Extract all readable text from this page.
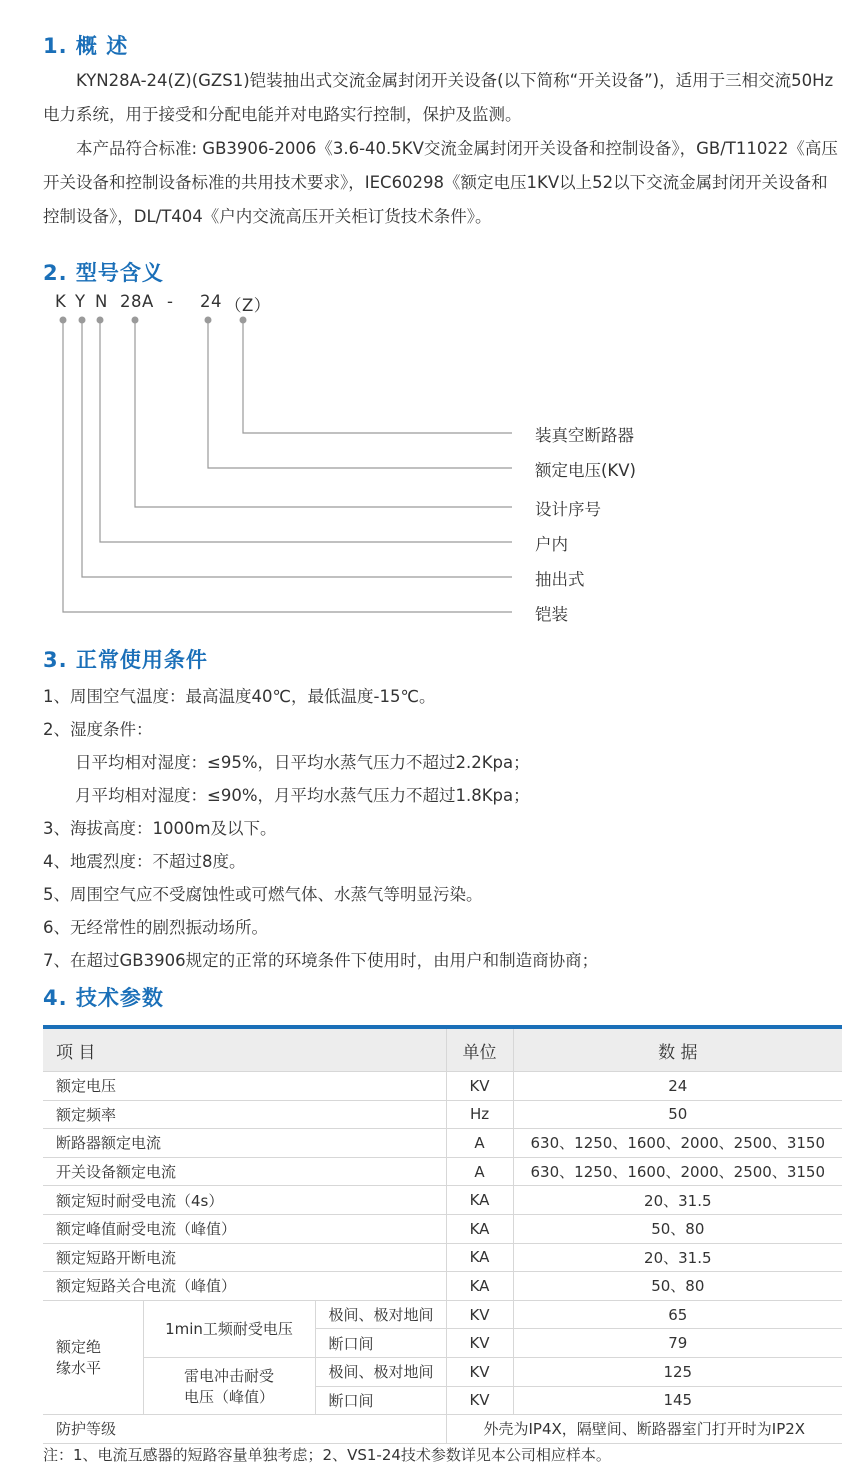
1. 概 述

KYN28A-24(Z)(GZS1)铠装抽出式交流金属封闭开关设备(以下简称“开关设备”)，适用于三相交流50Hz电力系统，用于接受和分配电能并对电路实行控制，保护及监测。

本产品符合标准: GB3906-2006《3.6-40.5KV交流金属封闭开关设备和控制设备》，GB/T11022《高压开关设备和控制设备标准的共用技术要求》，IEC60298《额定电压1KV以上52以下交流金属封闭开关设备和控制设备》，DL/T404《户内交流高压开关柜订货技术条件》。

2. 型号含义
K Y N 28A - 24 （Z）
装真空断路器
额定电压(KV)
设计序号
户内
抽出式
铠装
3. 正常使用条件
1、周围空气温度：最高温度40℃，最低温度-15℃。
2、湿度条件：
日平均相对湿度：≤95%，日平均水蒸气压力不超过2.2Kpa；
月平均相对湿度：≤90%，月平均水蒸气压力不超过1.8Kpa；
3、海拔高度：1000m及以下。
4、地震烈度：不超过8度。
5、周围空气应不受腐蚀性或可燃气体、水蒸气等明显污染。
6、无经常性的剧烈振动场所。
7、在超过GB3906规定的正常的环境条件下使用时，由用户和制造商协商；
4. 技术参数
项 目			单位	数 据
额定电压			KV	24
额定频率			Hz	50
断路器额定电流			A	630、1250、1600、2000、2500、3150
开关设备额定电流			A	630、1250、1600、2000、2500、3150
额定短时耐受电流（4s）			KA	20、31.5
额定峰值耐受电流（峰值）			KA	50、80
额定短路开断电流			KA	20、31.5
额定短路关合电流（峰值）			KA	50、80
额定绝
缘水平	1min工频耐受电压	极间、极对地间	KV	65
		断口间	KV	79
	雷电冲击耐受
电压（峰值）	极间、极对地间	KV	125
		断口间	KV	145
防护等级			外壳为IP4X，隔壁间、断路器室门打开时为IP2X	
注：1、电流互感器的短路容量单独考虑；2、VS1-24技术参数详见本公司相应样本。
